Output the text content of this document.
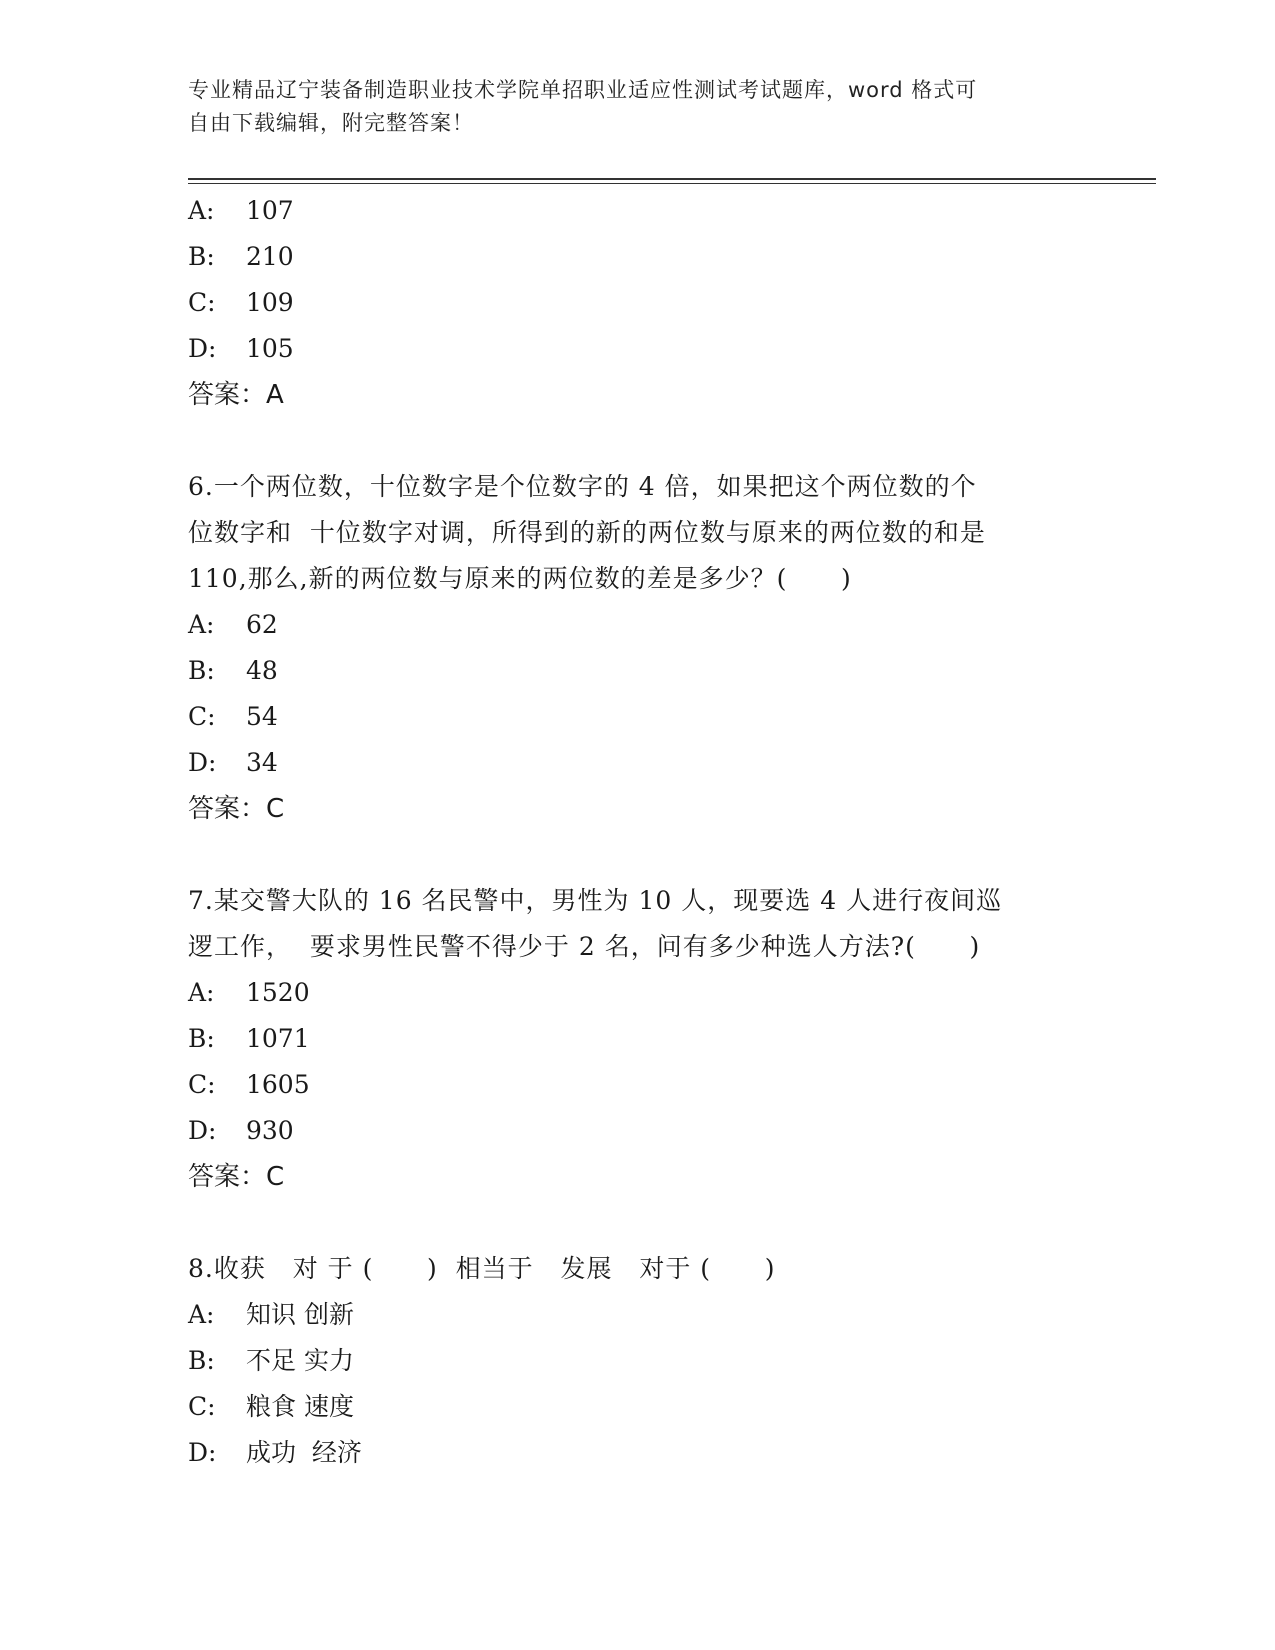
专业精品辽宁装备制造职业技术学院单招职业适应性测试考试题库，word 格式可
自由下载编辑，附完整答案！
A: 107
B: 210
C: 109
D: 105
答案：A
6.一个两位数，十位数字是个位数字的 4 倍，如果把这个两位数的个
位数字和  十位数字对调，所得到的新的两位数与原来的两位数的和是
110,那么,新的两位数与原来的两位数的差是多少？(      )
A: 62
B: 48
C: 54
D: 34
答案：C
7.某交警大队的 16 名民警中，男性为 10 人，现要选 4 人进行夜间巡
逻工作，  要求男性民警不得少于 2 名，问有多少种选人方法?(      )
A: 1520
B: 1071
C: 1605
D: 930
答案：C
8.收获   对 于 (      )  相当于   发展   对于 (      )
A: 知识 创新
B: 不足 实力
C: 粮食 速度
D: 成功  经济
